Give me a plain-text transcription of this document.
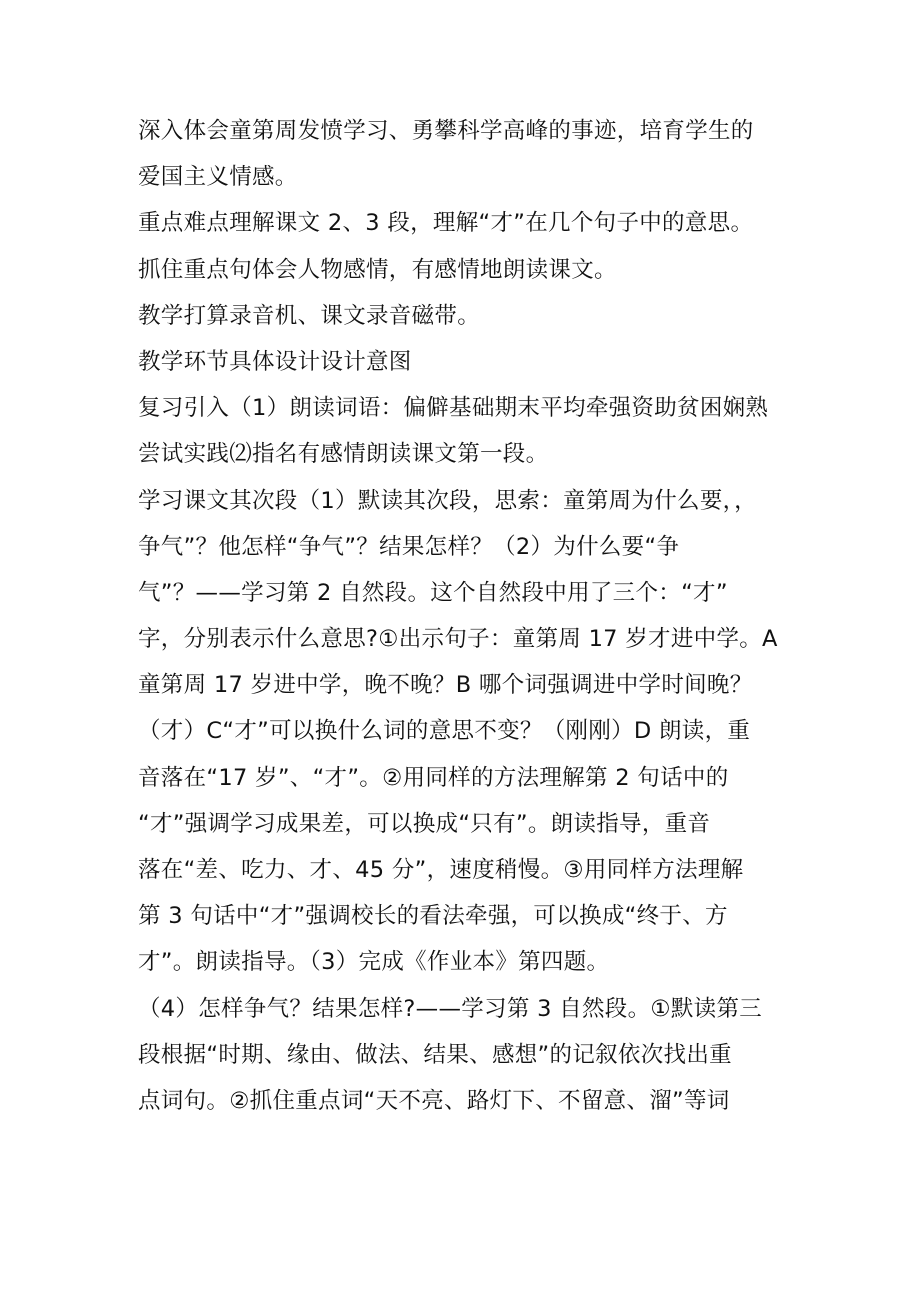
深入体会童第周发愤学习、勇攀科学高峰的事迹，培育学生的
爱国主义情感。
重点难点理解课文 2、3 段，理解“才”在几个句子中的意思。
抓住重点句体会人物感情，有感情地朗读课文。
教学打算录音机、课文录音磁带。
教学环节具体设计设计意图
复习引入（1）朗读词语：偏僻基础期末平均牵强资助贫困娴熟
尝试实践⑵指名有感情朗读课文第一段。
学习课文其次段（1）默读其次段，思索：童第周为什么要，，
争气”？他怎样“争气”？结果怎样？（2）为什么要“争
气”？——学习第 2 自然段。这个自然段中用了三个：“才”
字，分别表示什么意思?①出示句子：童第周 17 岁才进中学。A
童第周 17 岁进中学，晚不晚？B 哪个词强调进中学时间晚？
（才）C“才”可以换什么词的意思不变？（刚刚）D 朗读，重
音落在“17 岁”、“才”。②用同样的方法理解第 2 句话中的
“才”强调学习成果差，可以换成“只有”。朗读指导，重音
落在“差、吃力、才、45 分”，速度稍慢。③用同样方法理解
第 3 句话中“才”强调校长的看法牵强，可以换成“终于、方
才”。朗读指导。（3）完成《作业本》第四题。
（4）怎样争气？结果怎样?——学习第 3 自然段。①默读第三
段根据“时期、缘由、做法、结果、感想”的记叙依次找出重
点词句。②抓住重点词“天不亮、路灯下、不留意、溜”等词
